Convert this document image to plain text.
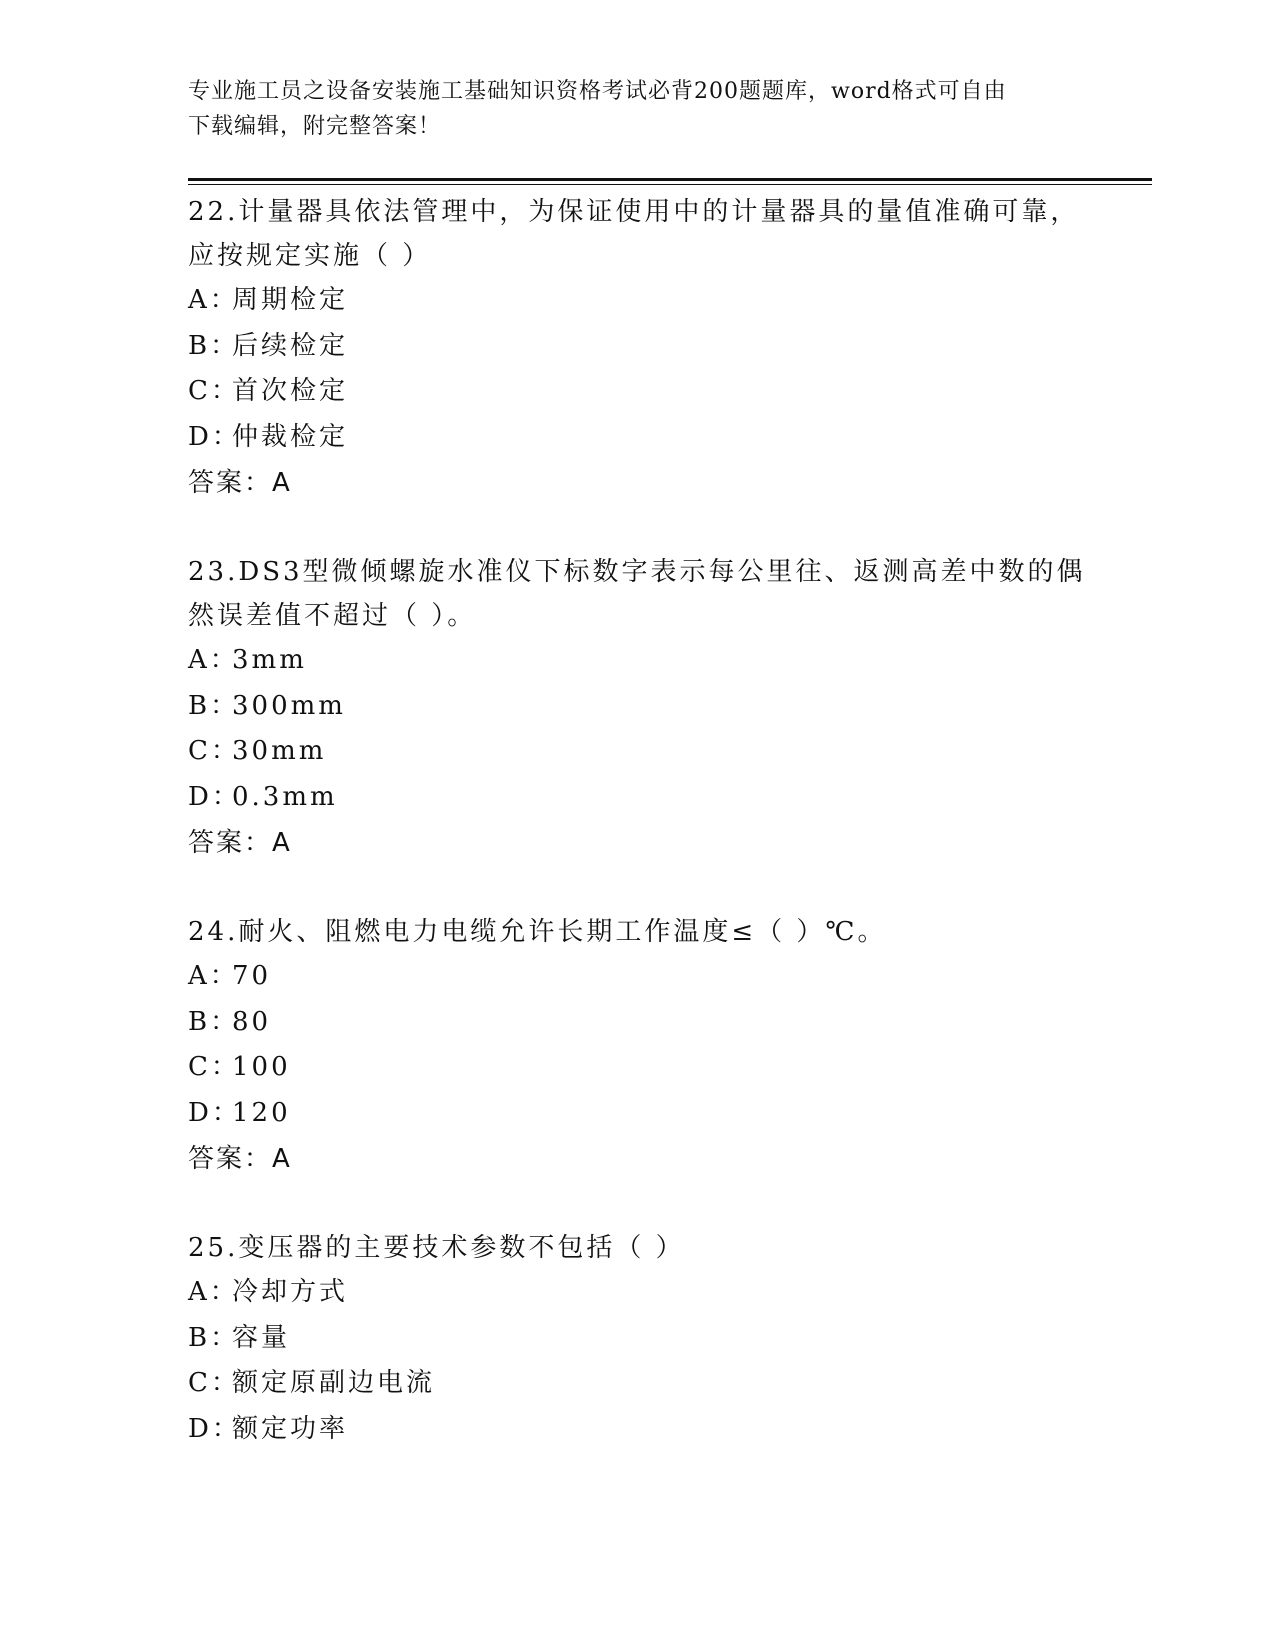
专业施工员之设备安装施工基础知识资格考试必背200题题库，word格式可自由
下载编辑，附完整答案！
22.计量器具依法管理中，为保证使用中的计量器具的量值准确可靠，
应按规定实施（ ）
A：周期检定
B：后续检定
C：首次检定
D：仲裁检定
答案：A
23.DS3型微倾螺旋水准仪下标数字表示每公里往、返测高差中数的偶
然误差值不超过（ ）。
A：3mm
B：300mm
C：30mm
D：0.3mm
答案：A
24.耐火、阻燃电力电缆允许长期工作温度≤（ ）℃。
A：70
B：80
C：100
D：120
答案：A
25.变压器的主要技术参数不包括（ ）
A：冷却方式
B：容量
C：额定原副边电流
D：额定功率
